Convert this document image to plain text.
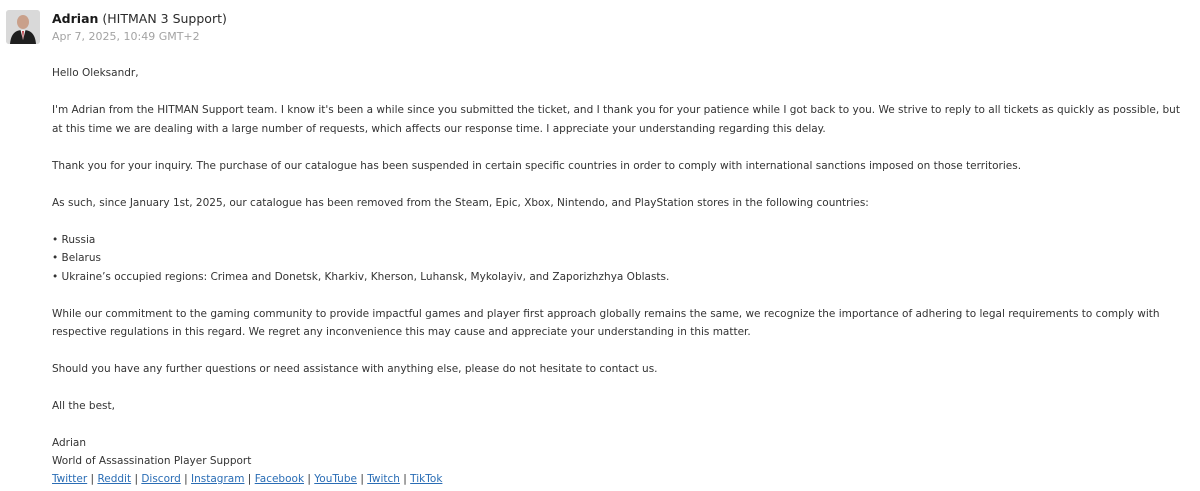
Adrian (HITMAN 3 Support)
Apr 7, 2025, 10:49 GMT+2

Hello Oleksandr,

I'm Adrian from the HITMAN Support team. I know it's been a while since you submitted the ticket, and I thank you for your patience while I got back to you. We strive to reply to all tickets as quickly as possible, but at this time we are dealing with a large number of requests, which affects our response time. I appreciate your understanding regarding this delay.

Thank you for your inquiry. The purchase of our catalogue has been suspended in certain specific countries in order to comply with international sanctions imposed on those territories.

As such, since January 1st, 2025, our catalogue has been removed from the Steam, Epic, Xbox, Nintendo, and PlayStation stores in the following countries:

• Russia
• Belarus
• Ukraine’s occupied regions: Crimea and Donetsk, Kharkiv, Kherson, Luhansk, Mykolayiv, and Zaporizhzhya Oblasts.

While our commitment to the gaming community to provide impactful games and player first approach globally remains the same, we recognize the importance of adhering to legal requirements to comply with respective regulations in this regard. We regret any inconvenience this may cause and appreciate your understanding in this matter.

Should you have any further questions or need assistance with anything else, please do not hesitate to contact us.

All the best,

Adrian
World of Assassination Player Support
Twitter | Reddit | Discord | Instagram | Facebook | YouTube | Twitch | TikTok
